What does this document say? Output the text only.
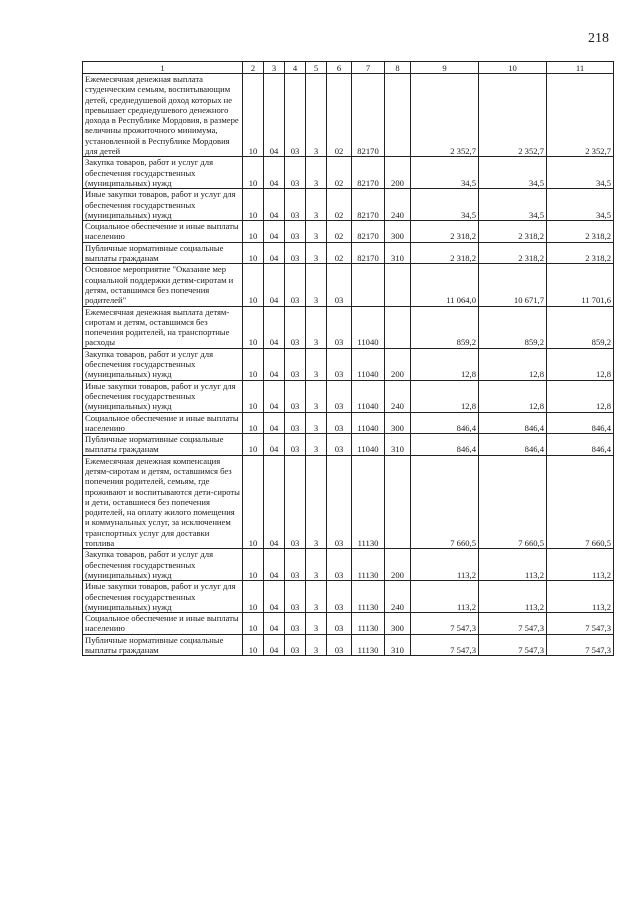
218
1	2	3	4	5	6	7	8	9	10	11
Ежемесячная денежная выплата студенческим семьям, воспитывающим детей, среднедушевой доход которых не превышает среднедушевого денежного дохода в Республике Мордовия, в размере величины прожиточного минимума, установленной в Республике Мордовия для детей	10	04	03	3	02	82170		2 352,7	2 352,7	2 352,7
Закупка товаров, работ и услуг для обеспечения государственных (муниципальных) нужд	10	04	03	3	02	82170	200	34,5	34,5	34,5
Иные закупки товаров, работ и услуг для обеспечения государственных (муниципальных) нужд	10	04	03	3	02	82170	240	34,5	34,5	34,5
Социальное обеспечение и иные выплаты населению	10	04	03	3	02	82170	300	2 318,2	2 318,2	2 318,2
Публичные нормативные социальные выплаты гражданам	10	04	03	3	02	82170	310	2 318,2	2 318,2	2 318,2
Основное мероприятие "Оказание мер социальной поддержки детям-сиротам и детям, оставшимся без попечения родителей"	10	04	03	3	03			11 064,0	10 671,7	11 701,6
Ежемесячная денежная выплата детям-сиротам и детям, оставшимся без попечения родителей, на транспортные расходы	10	04	03	3	03	11040		859,2	859,2	859,2
Закупка товаров, работ и услуг для обеспечения государственных (муниципальных) нужд	10	04	03	3	03	11040	200	12,8	12,8	12,8
Иные закупки товаров, работ и услуг для обеспечения государственных (муниципальных) нужд	10	04	03	3	03	11040	240	12,8	12,8	12,8
Социальное обеспечение и иные выплаты населению	10	04	03	3	03	11040	300	846,4	846,4	846,4
Публичные нормативные социальные выплаты гражданам	10	04	03	3	03	11040	310	846,4	846,4	846,4
Ежемесячная денежная компенсация детям-сиротам и детям, оставшимся без попечения родителей, семьям, где проживают и воспитываются дети-сироты и дети, оставшиеся без попечения родителей, на оплату жилого помещения и коммунальных услуг, за исключением транспортных услуг для доставки топлива	10	04	03	3	03	11130		7 660,5	7 660,5	7 660,5
Закупка товаров, работ и услуг для обеспечения государственных (муниципальных) нужд	10	04	03	3	03	11130	200	113,2	113,2	113,2
Иные закупки товаров, работ и услуг для обеспечения государственных (муниципальных) нужд	10	04	03	3	03	11130	240	113,2	113,2	113,2
Социальное обеспечение и иные выплаты населению	10	04	03	3	03	11130	300	7 547,3	7 547,3	7 547,3
Публичные нормативные социальные выплаты гражданам	10	04	03	3	03	11130	310	7 547,3	7 547,3	7 547,3
